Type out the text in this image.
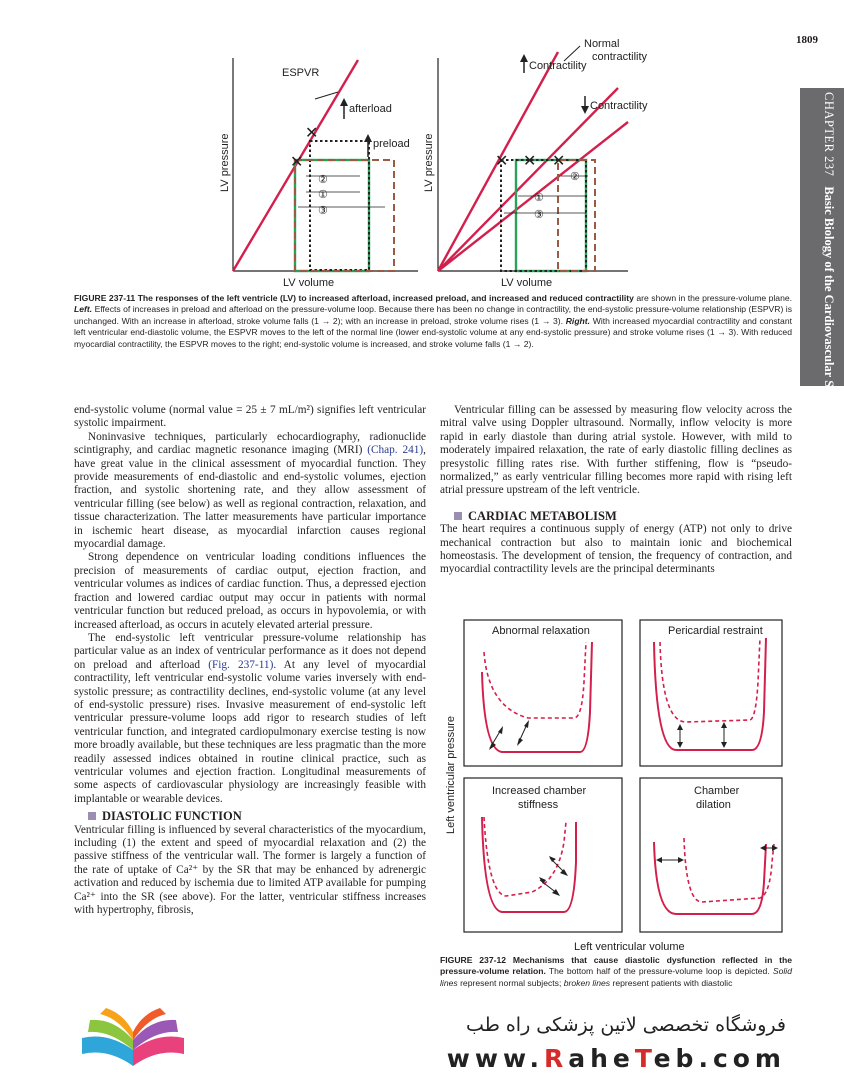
1809
CHAPTER 237Basic Biology of the Cardiovascular System
✕
✕
ESPVR
afterload
preload
②
①
③
LV pressure
LV volume
✕ ✕ ✕
Normal
contractility
Contractility
Contractility
②
①
③
LV pressure
LV volume
FIGURE 237-11 The responses of the left ventricle (LV) to increased afterload, increased preload, and increased and reduced contractility are shown in the pressure-volume plane. Left. Effects of increases in preload and afterload on the pressure-volume loop. Because there has been no change in contractility, the end-systolic pressure-volume relationship (ESPVR) is unchanged. With an increase in afterload, stroke volume falls (1 → 2); with an increase in preload, stroke volume rises (1 → 3). Right. With increased myocardial contractility and constant left ventricular end-diastolic volume, the ESPVR moves to the left of the normal line (lower end-systolic volume at any end-systolic pressure) and stroke volume rises (1 → 3). With reduced myocardial contractility, the ESPVR moves to the right; end-systolic volume is increased, and stroke volume falls (1 → 2).

end-systolic volume (normal value = 25 ± 7 mL/m²) signifies left ventricular systolic impairment.

Noninvasive techniques, particularly echocardiography, radionuclide scintigraphy, and cardiac magnetic resonance imaging (MRI) (Chap. 241), have great value in the clinical assessment of myocardial function. They provide measurements of end-diastolic and end-systolic volumes, ejection fraction, and systolic shortening rate, and they allow assessment of ventricular filling (see below) as well as regional contraction, relaxation, and tissue characterization. The latter measurements have particular importance in ischemic heart disease, as myocardial infarction causes regional myocardial damage.

Strong dependence on ventricular loading conditions influences the precision of measurements of cardiac output, ejection fraction, and ventricular volumes as indices of cardiac function. Thus, a depressed ejection fraction and lowered cardiac output may occur in patients with normal ventricular function but reduced preload, as occurs in hypovolemia, or with increased afterload, as occurs in acutely elevated arterial pressure.

The end-systolic left ventricular pressure-volume relationship has particular value as an index of ventricular performance as it does not depend on preload and afterload (Fig. 237-11). At any level of myocardial contractility, left ventricular end-systolic volume varies inversely with end-systolic pressure; as contractility declines, end-systolic volume (at any level of end-systolic pressure) rises. Invasive measurement of end-systolic left ventricular pressure-volume loops add rigor to research studies of left ventricular function, and integrated cardiopulmonary exercise testing is now more broadly available, but these techniques are less pragmatic than the more readily assessed indices obtained in routine clinical practice, such as ventricular volumes and ejection fraction. Longitudinal measurements of some aspects of cardiovascular physiology are increasingly feasible with implantable or wearable devices.

DIASTOLIC FUNCTION

Ventricular filling is influenced by several characteristics of the myocardium, including (1) the extent and speed of myocardial relaxation and (2) the passive stiffness of the ventricular wall. The former is largely a function of the rate of uptake of Ca²⁺ by the SR that may be enhanced by adrenergic activation and reduced by ischemia due to limited ATP available for pumping Ca²⁺ into the SR (see above). For the latter, ventricular stiffness increases with hypertrophy, fibrosis,

Ventricular filling can be assessed by measuring flow velocity across the mitral valve using Doppler ultrasound. Normally, inflow velocity is more rapid in early diastole than during atrial systole. However, with mild to moderately impaired relaxation, the rate of early diastolic filling declines as presystolic filling rates rise. With further stiffening, flow is “pseudo-normalized,” as early ventricular filling becomes more rapid with rising left atrial pressure upstream of the left ventricle.

CARDIAC METABOLISM

The heart requires a continuous supply of energy (ATP) not only to drive mechanical contraction but also to maintain ionic and biochemical homeostasis. The development of tension, the frequency of contraction, and myocardial contractility levels are the principal determinants

Abnormal relaxation	Pericardial restraint
Increased chamber
stiffness
Chamber
dilation
Left ventricular pressure
Left ventricular volume
FIGURE 237-12 Mechanisms that cause diastolic dysfunction reflected in the pressure-volume relation. The bottom half of the pressure-volume loop is depicted. Solid lines represent normal subjects; broken lines represent patients with diastolic
فروشگاه تخصصی لاتین پزشکی راه طب
www.RaheTeb.com
